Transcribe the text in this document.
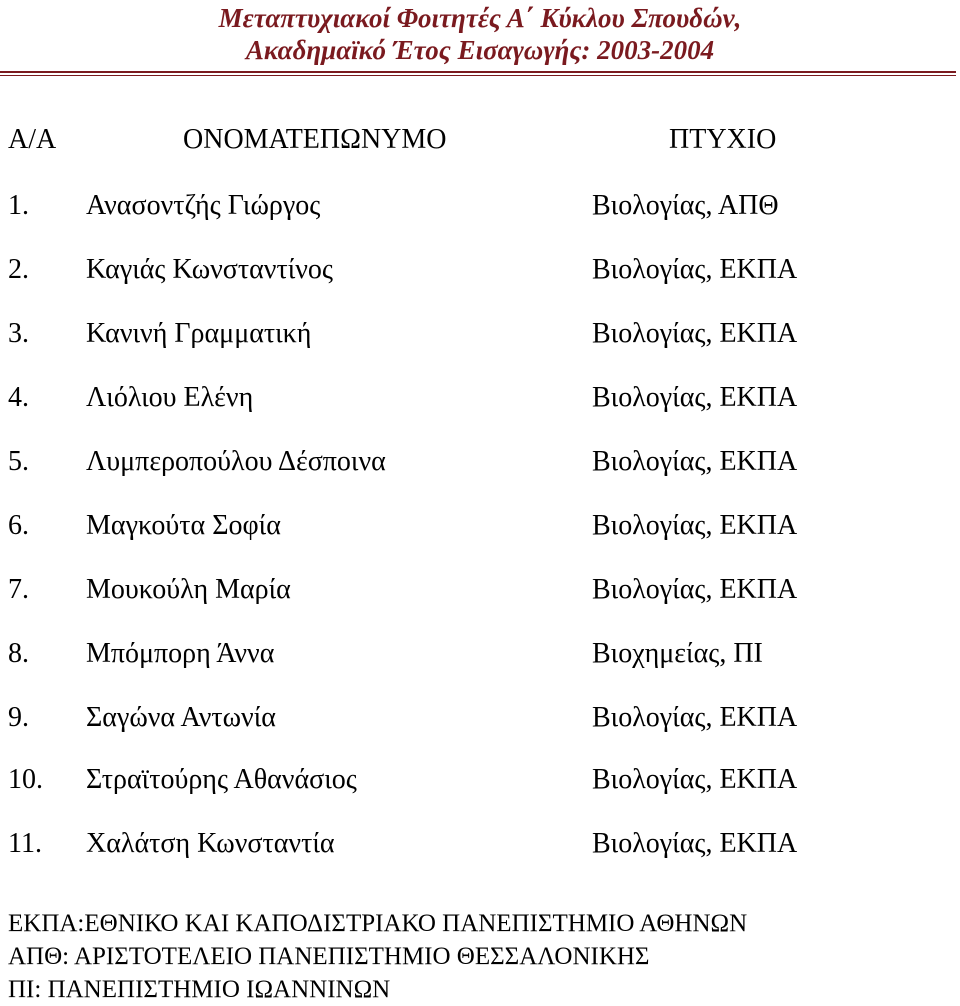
Μεταπτυχιακοί Φοιτητές Α΄ Κύκλου Σπουδών,
Ακαδημαϊκό Έτος Εισαγωγής: 2003-2004
Α/Α	ΟΝΟΜΑΤΕΠΩΝΥΜΟ	ΠΤΥΧΙΟ
1. Ανασοντζής Γιώργος	Βιολογίας, ΑΠΘ
2. Καγιάς Κωνσταντίνος	Βιολογίας, ΕΚΠΑ
3. Κανινή Γραμματική	Βιολογίας, ΕΚΠΑ
4. Λιόλιου Ελένη	Βιολογίας, ΕΚΠΑ
5. Λυμπεροπούλου Δέσποινα	Βιολογίας, ΕΚΠΑ
6. Μαγκούτα Σοφία	Βιολογίας, ΕΚΠΑ
7. Μουκούλη Μαρία	Βιολογίας, ΕΚΠΑ
8. Μπόμπορη Άννα	Βιοχημείας, ΠΙ
9. Σαγώνα Αντωνία	Βιολογίας, ΕΚΠΑ
10. Στραϊτούρης Αθανάσιος	Βιολογίας, ΕΚΠΑ
11. Χαλάτση Κωνσταντία	Βιολογίας, ΕΚΠΑ
ΕΚΠΑ:ΕΘΝΙΚΟ ΚΑΙ ΚΑΠΟΔΙΣΤΡΙΑΚΟ ΠΑΝΕΠΙΣΤΗΜΙΟ ΑΘΗΝΩΝ
ΑΠΘ: ΑΡΙΣΤΟΤΕΛΕΙΟ ΠΑΝΕΠΙΣΤΗΜΙΟ ΘΕΣΣΑΛΟΝΙΚΗΣ
ΠΙ: ΠΑΝΕΠΙΣΤΗΜΙΟ ΙΩΑΝΝΙΝΩΝ
